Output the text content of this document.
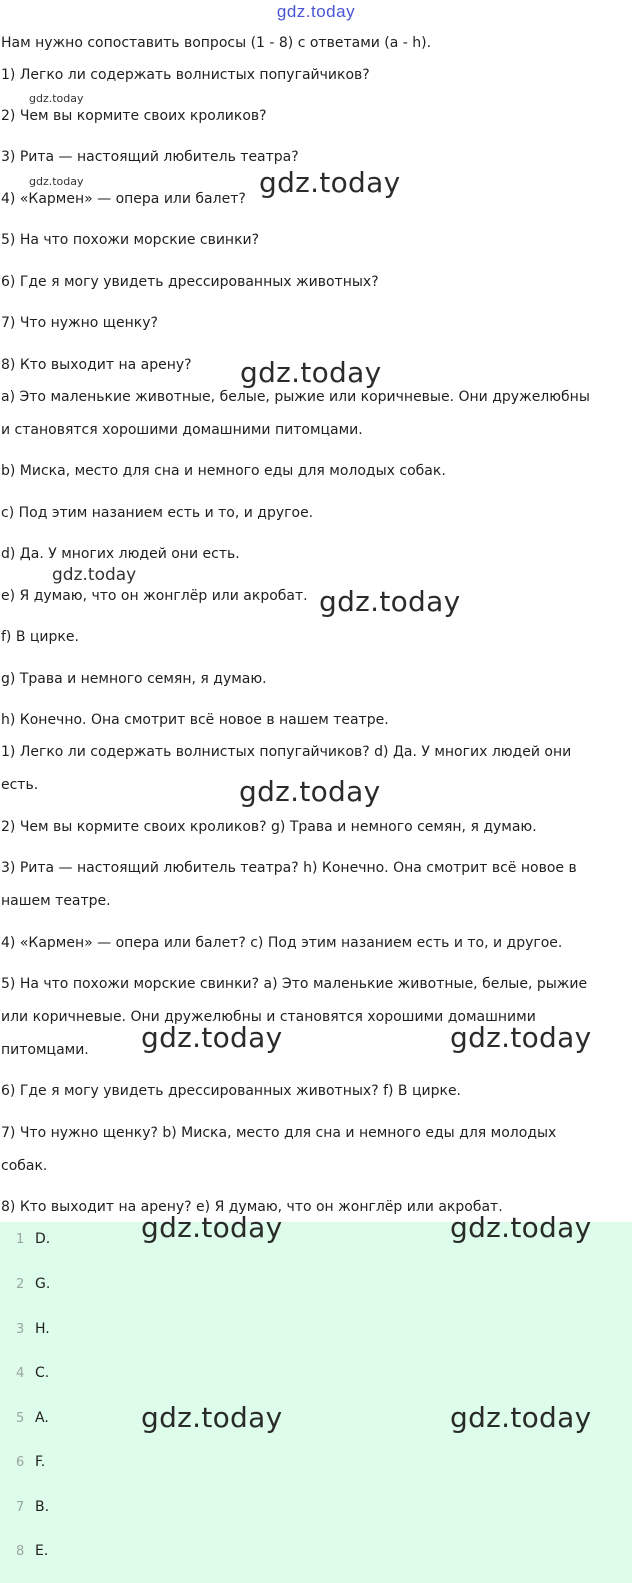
gdz.today
Нам нужно сопоставить вопросы (1 - 8) с ответами (a - h).
1) Легко ли содержать волнистых попугайчиков?
2) Чем вы кормите своих кроликов?
3) Рита — настоящий любитель театра?
4) «Кармен» — опера или балет?
5) На что похожи морские свинки?
6) Где я могу увидеть дрессированных животных?
7) Что нужно щенку?
8) Кто выходит на арену?
a) Это маленькие животные, белые, рыжие или коричневые. Они дружелюбны
и становятся хорошими домашними питомцами.
b) Миска, место для сна и немного еды для молодых собак.
c) Под этим назанием есть и то, и другое.
d) Да. У многих людей они есть.
e) Я думаю, что он жонглёр или акробат.
f) В цирке.
g) Трава и немного семян, я думаю.
h) Конечно. Она смотрит всё новое в нашем театре.
1) Легко ли содержать волнистых попугайчиков? d) Да. У многих людей они
есть.
2) Чем вы кормите своих кроликов? g) Трава и немного семян, я думаю.
3) Рита — настоящий любитель театра? h) Конечно. Она смотрит всё новое в
нашем театре.
4) «Кармен» — опера или балет? c) Под этим назанием есть и то, и другое.
5) На что похожи морские свинки? a) Это маленькие животные, белые, рыжие
или коричневые. Они дружелюбны и становятся хорошими домашними
питомцами.
6) Где я могу увидеть дрессированных животных? f) В цирке.
7) Что нужно щенку? b) Миска, место для сна и немного еды для молодых
собак.
8) Кто выходит на арену? e) Я думаю, что он жонглёр или акробат.
1 D.
2 G.
3 H.
4 C.
5 A.
6 F.
7 B.
8 E.
gdz.today
gdz.today	gdz.today
gdz.today
gdz.today
gdz.today
gdz.today
gdz.today	gdz.today
gdz.today	gdz.today
gdz.today	gdz.today
